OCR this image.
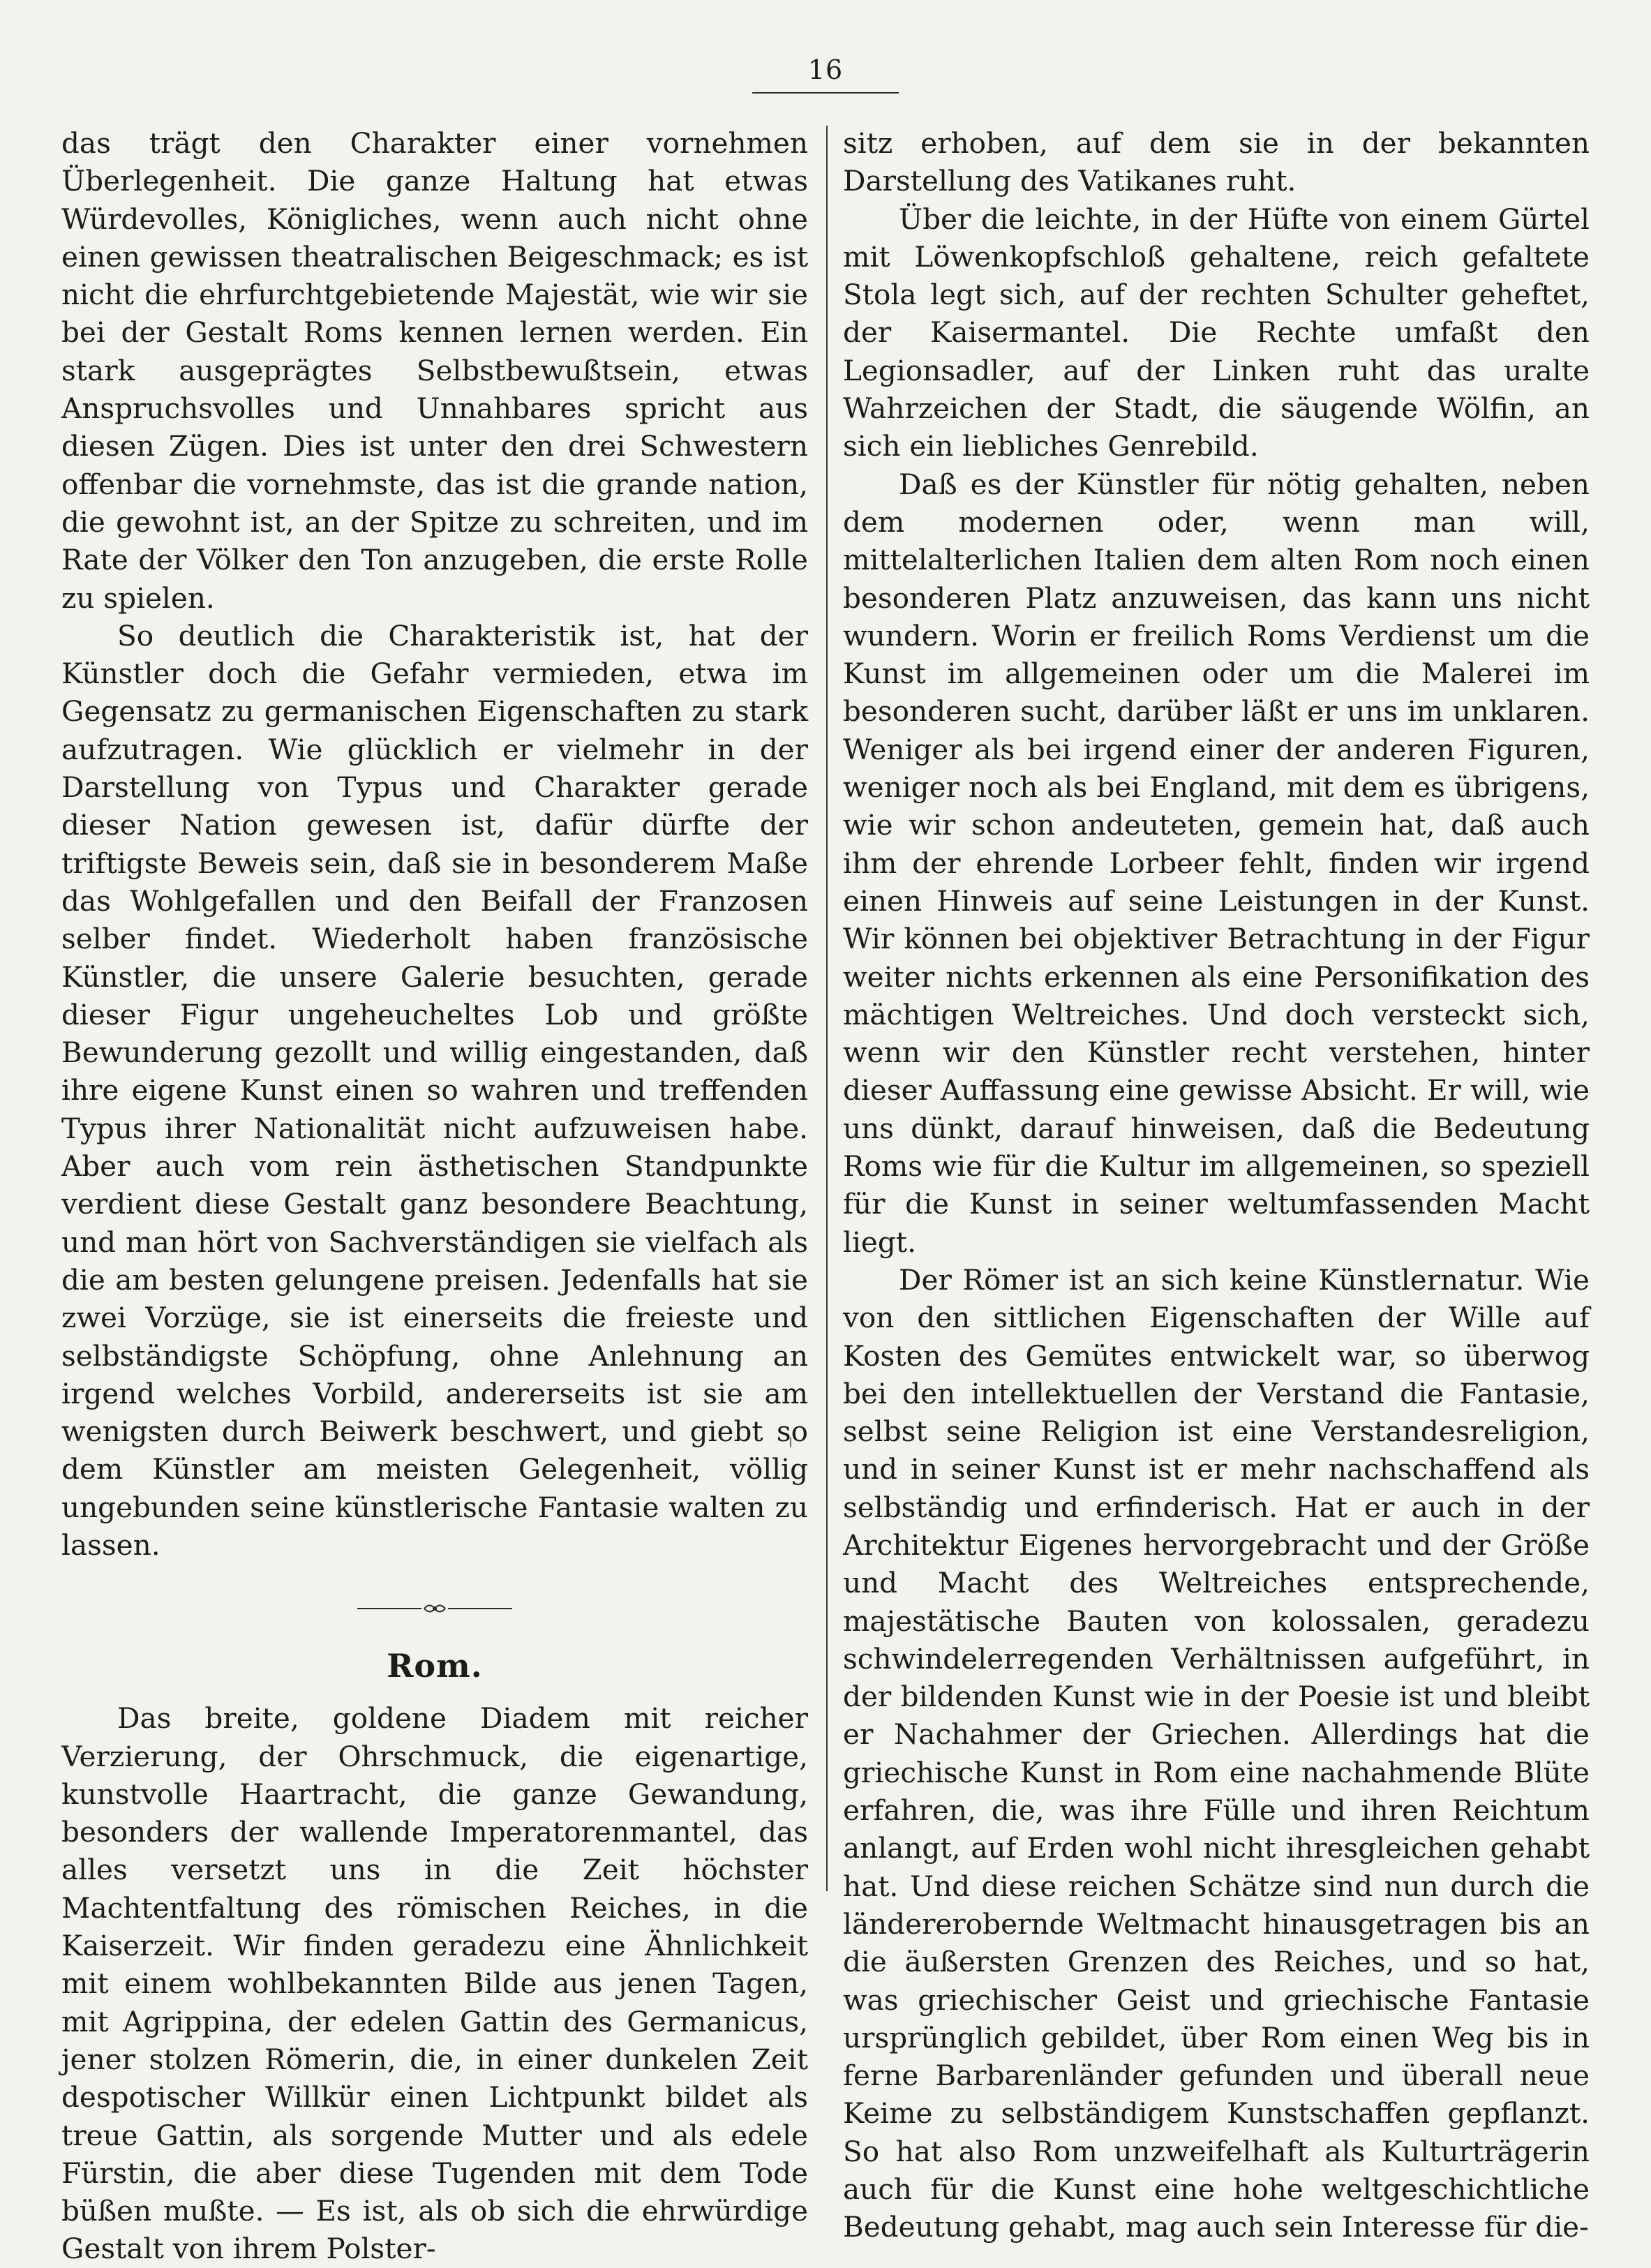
16

das trägt den Charakter einer vornehmen Überlegenheit. Die ganze Haltung hat etwas Würdevolles, Königliches, wenn auch nicht ohne einen gewissen theatralischen Beigeschmack; es ist nicht die ehrfurchtgebietende Majestät, wie wir sie bei der Gestalt Roms kennen lernen werden. Ein stark ausgeprägtes Selbstbewußtsein, etwas Anspruchsvolles und Unnahbares spricht aus diesen Zügen. Dies ist unter den drei Schwestern offenbar die vornehmste, das ist die grande nation, die gewohnt ist, an der Spitze zu schreiten, und im Rate der Völker den Ton anzugeben, die erste Rolle zu spielen.

So deutlich die Charakteristik ist, hat der Künstler doch die Gefahr vermieden, etwa im Gegensatz zu germanischen Eigenschaften zu stark aufzutragen. Wie glücklich er vielmehr in der Darstellung von Typus und Charakter gerade dieser Nation gewesen ist, dafür dürfte der triftigste Beweis sein, daß sie in besonderem Maße das Wohlgefallen und den Beifall der Franzosen selber findet. Wiederholt haben französische Künstler, die unsere Galerie besuchten, gerade dieser Figur ungeheucheltes Lob und größte Bewunderung gezollt und willig eingestanden, daß ihre eigene Kunst einen so wahren und treffenden Typus ihrer Nationalität nicht aufzuweisen habe. Aber auch vom rein ästhetischen Standpunkte verdient diese Gestalt ganz besondere Beachtung, und man hört von Sachverständigen sie vielfach als die am besten gelungene preisen. Jedenfalls hat sie zwei Vorzüge, sie ist einerseits die freieste und selbständigste Schöpfung, ohne Anlehnung an irgend welches Vorbild, andererseits ist sie am wenigsten durch Beiwerk beschwert, und giebt so dem Künstler am meisten Gelegenheit, völlig ungebunden seine künstlerische Fantasie walten zu lassen.

Rom.

Das breite, goldene Diadem mit reicher Verzierung, der Ohrschmuck, die eigenartige, kunstvolle Haartracht, die ganze Gewandung, besonders der wallende Imperatorenmantel, das alles versetzt uns in die Zeit höchster Machtentfaltung des römischen Reiches, in die Kaiserzeit. Wir finden geradezu eine Ähnlichkeit mit einem wohlbekannten Bilde aus jenen Tagen, mit Agrippina, der edelen Gattin des Germanicus, jener stolzen Römerin, die, in einer dunkelen Zeit despotischer Willkür einen Lichtpunkt bildet als treue Gattin, als sorgende Mutter und als edele Fürstin, die aber diese Tugenden mit dem Tode büßen mußte. — Es ist, als ob sich die ehrwürdige Gestalt von ihrem Polster-

sitz erhoben, auf dem sie in der bekannten Darstellung des Vatikanes ruht.

Über die leichte, in der Hüfte von einem Gürtel mit Löwenkopfschloß gehaltene, reich gefaltete Stola legt sich, auf der rechten Schulter geheftet, der Kaisermantel. Die Rechte umfaßt den Legionsadler, auf der Linken ruht das uralte Wahrzeichen der Stadt, die säugende Wölfin, an sich ein liebliches Genrebild.

Daß es der Künstler für nötig gehalten, neben dem modernen oder, wenn man will, mittelalterlichen Italien dem alten Rom noch einen besonderen Platz anzuweisen, das kann uns nicht wundern. Worin er freilich Roms Verdienst um die Kunst im allgemeinen oder um die Malerei im besonderen sucht, darüber läßt er uns im unklaren. Weniger als bei irgend einer der anderen Figuren, weniger noch als bei England, mit dem es übrigens, wie wir schon andeuteten, gemein hat, daß auch ihm der ehrende Lorbeer fehlt, finden wir irgend einen Hinweis auf seine Leistungen in der Kunst. Wir können bei objektiver Betrachtung in der Figur weiter nichts erkennen als eine Personifikation des mächtigen Weltreiches. Und doch versteckt sich, wenn wir den Künstler recht verstehen, hinter dieser Auffassung eine gewisse Absicht. Er will, wie uns dünkt, darauf hinweisen, daß die Bedeutung Roms wie für die Kultur im allgemeinen, so speziell für die Kunst in seiner weltumfassenden Macht liegt.

Der Römer ist an sich keine Künstlernatur. Wie von den sittlichen Eigenschaften der Wille auf Kosten des Gemütes entwickelt war, so überwog bei den intellektuellen der Verstand die Fantasie, selbst seine Religion ist eine Verstandesreligion, und in seiner Kunst ist er mehr nachschaffend als selbständig und erfinderisch. Hat er auch in der Architektur Eigenes hervorgebracht und der Größe und Macht des Weltreiches entsprechende, majestätische Bauten von kolossalen, geradezu schwindelerregenden Verhältnissen aufgeführt, in der bildenden Kunst wie in der Poesie ist und bleibt er Nachahmer der Griechen. Allerdings hat die griechische Kunst in Rom eine nachahmende Blüte erfahren, die, was ihre Fülle und ihren Reichtum anlangt, auf Erden wohl nicht ihresgleichen gehabt hat. Und diese reichen Schätze sind nun durch die ländererobernde Weltmacht hinausgetragen bis an die äußersten Grenzen des Reiches, und so hat, was griechischer Geist und griechische Fantasie ursprünglich gebildet, über Rom einen Weg bis in ferne Barbarenländer gefunden und überall neue Keime zu selbständigem Kunstschaffen gepflanzt. So hat also Rom unzweifelhaft als Kulturträgerin auch für die Kunst eine hohe weltgeschichtliche Bedeutung gehabt, mag auch sein Interesse für die-
